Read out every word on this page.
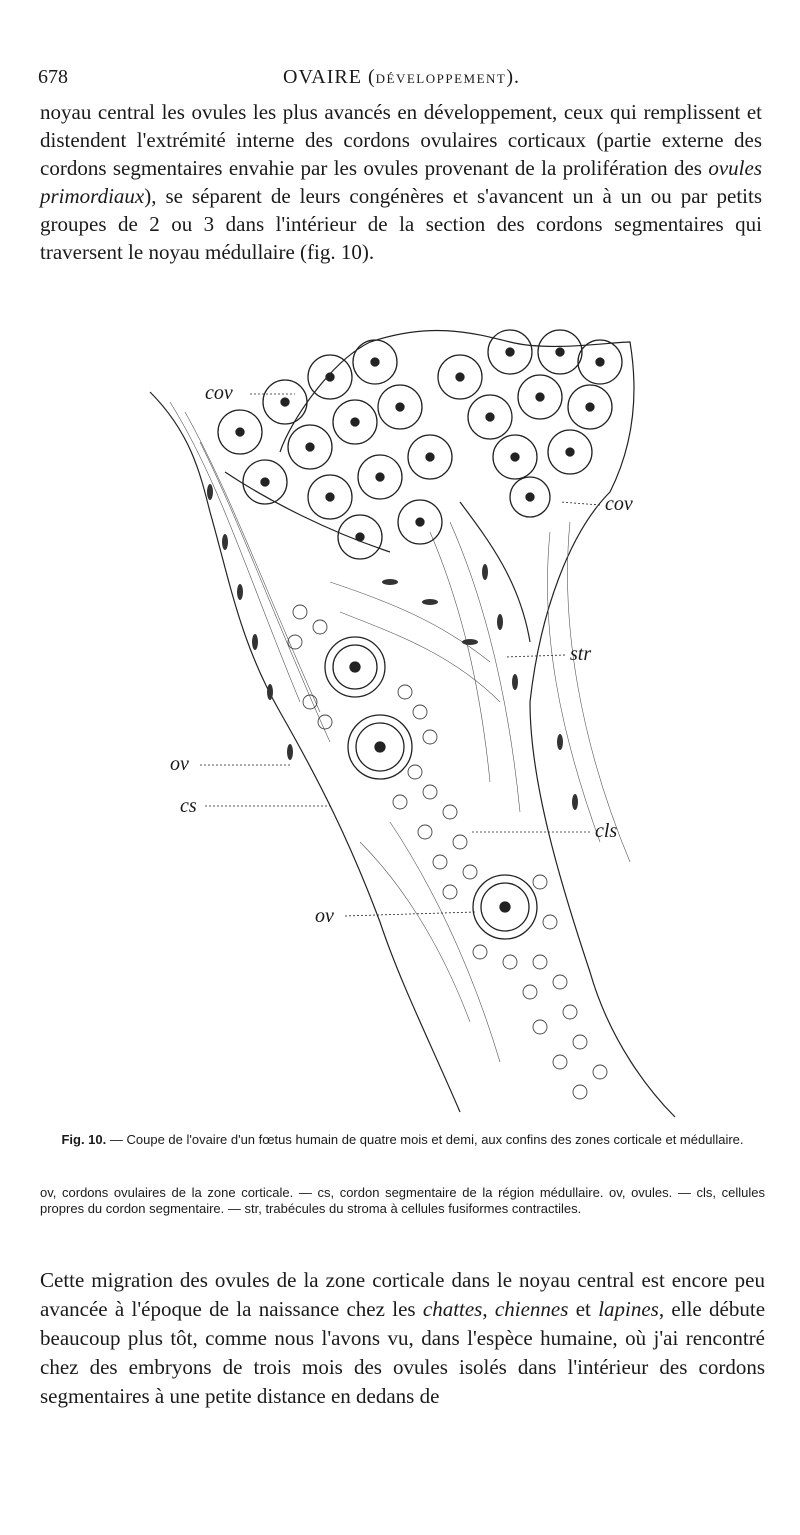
678	OVAIRE (DÉVELOPPEMENT).

noyau central les ovules les plus avancés en développement, ceux qui remplissent et distendent l'extrémité interne des cordons ovulaires corticaux (partie externe des cordons segmentaires envahie par les ovules provenant de la prolifération des ovules primordiaux), se séparent de leurs congénères et s'avancent un à un ou par petits groupes de 2 ou 3 dans l'intérieur de la section des cordons segmentaires qui traversent le noyau médullaire (fig. 10).

cov
cov
str
ov
cs
cls
ov
Fig. 10. — Coupe de l'ovaire d'un fœtus humain de quatre mois et demi, aux confins des zones corticale et médullaire.

ov, cordons ovulaires de la zone corticale. — cs, cordon segmentaire de la région médullaire. ov, ovules. — cls, cellules propres du cordon segmentaire. — str, trabécules du stroma à cellules fusiformes contractiles.

Cette migration des ovules de la zone corticale dans le noyau central est encore peu avancée à l'époque de la naissance chez les chattes, chiennes et lapines, elle débute beaucoup plus tôt, comme nous l'avons vu, dans l'espèce humaine, où j'ai rencontré chez des embryons de trois mois des ovules isolés dans l'intérieur des cordons segmentaires à une petite distance en dedans de
